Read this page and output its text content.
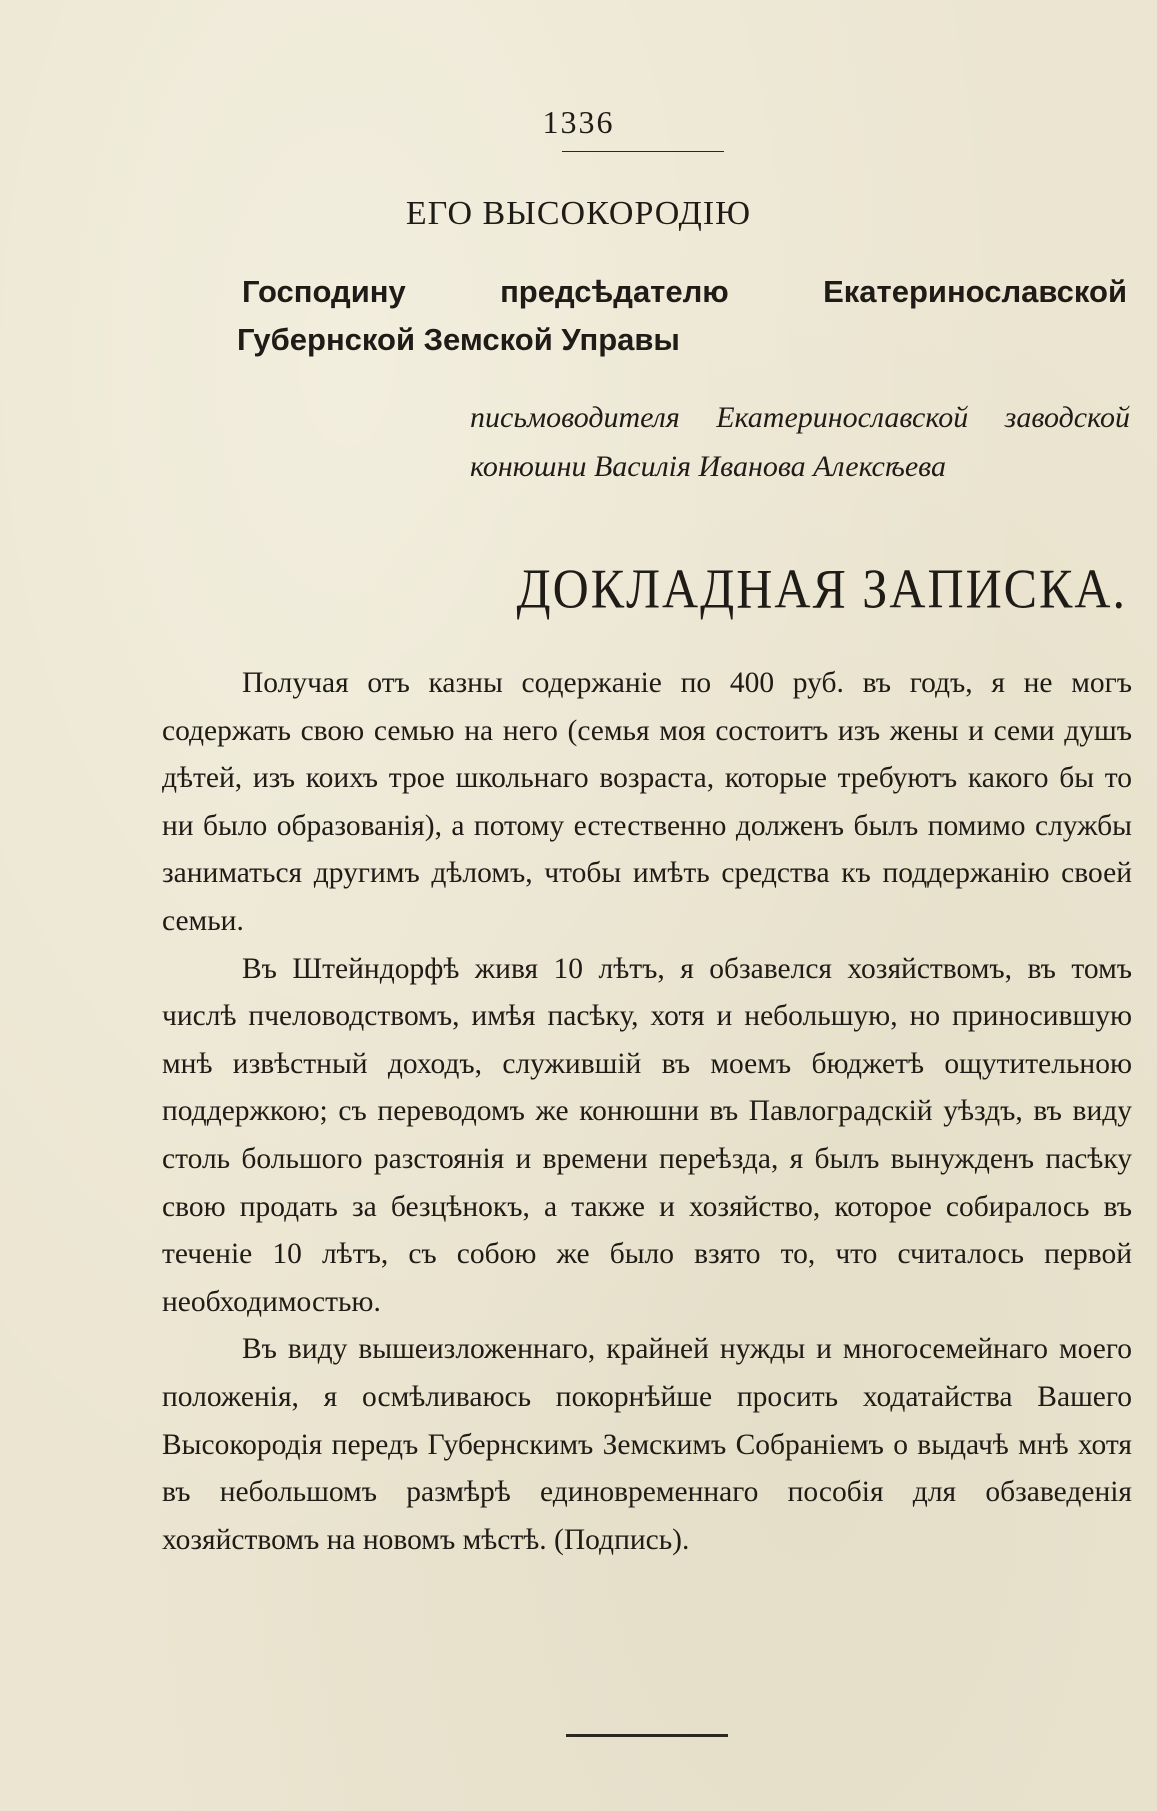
1336
ЕГО ВЫСОКОРОДІЮ
Господину предсѣдателю Екатеринославской Губернской Земской Управы
письмоводителя Екатеринославской заводской конюшни Василія Иванова Алексѣева
ДОКЛАДНАЯ ЗАПИСКА.

Получая отъ казны содержаніе по 400 руб. въ годъ, я не могъ содержать свою семью на него (семья моя состоитъ изъ жены и семи душъ дѣтей, изъ коихъ трое школьнаго возраста, которые требуютъ какого бы то ни было образованія), а потому естественно долженъ былъ помимо службы заниматься другимъ дѣломъ, чтобы имѣть средства къ поддержанію своей семьи.

Въ Штейндорфѣ живя 10 лѣтъ, я обзавелся хозяйствомъ, въ томъ числѣ пчеловодствомъ, имѣя пасѣку, хотя и небольшую, но приносившую мнѣ извѣстный доходъ, служившій въ моемъ бюджетѣ ощутительною поддержкою; съ переводомъ же конюшни въ Павлоградскій уѣздъ, въ виду столь большого разстоянія и времени переѣзда, я былъ вынужденъ пасѣку свою продать за безцѣнокъ, а также и хозяйство, которое собиралось въ теченіе 10 лѣтъ, съ собою же было взято то, что считалось первой необходимостью.

Въ виду вышеизложеннаго, крайней нужды и многосемейнаго моего положенія, я осмѣливаюсь покорнѣйше просить ходатайства Вашего Высокородія передъ Губернскимъ Земскимъ Собраніемъ о выдачѣ мнѣ хотя въ небольшомъ размѣрѣ единовременнаго пособія для обзаведенія хозяйствомъ на новомъ мѣстѣ. (Подпись).
